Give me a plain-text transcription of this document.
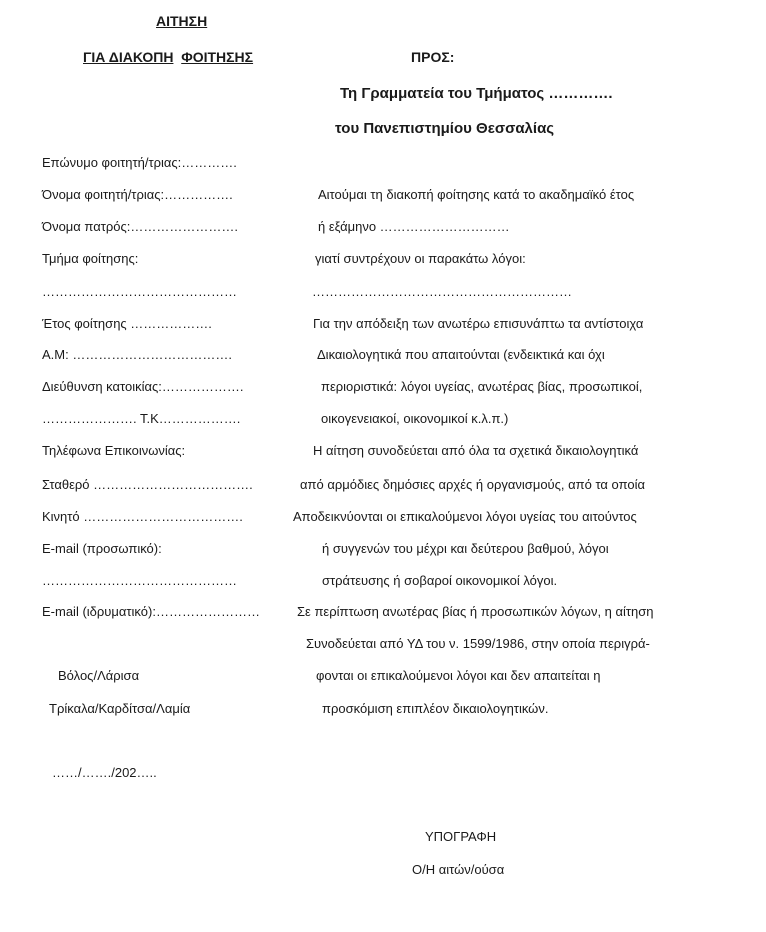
ΑΙΤΗΣΗ
ΓΙΑ ΔΙΑΚΟΠΗ ΦΟΙΤΗΣΗΣ	ΠΡΟΣ:
Τη Γραμματεία του Τμήματος ………….
του Πανεπιστημίου Θεσσαλίας
Επώνυμο φοιτητή/τριας:………….
Όνομα φοιτητή/τριας:…………….
Όνομα πατρός:…………………….
Τμήμα φοίτησης:
………………………………………
Έτος φοίτησης ……………….
Α.Μ: ……………………………….
Διεύθυνση κατοικίας:……………….
…………………. Τ.Κ……………….
Τηλέφωνα Επικοινωνίας:
Σταθερό ……………………………….
Κινητό ……………………………….
E-mail (προσωπικό):
………………………………………
E-mail (ιδρυματικό):……………………
Βόλος/Λάρισα
Τρίκαλα/Καρδίτσα/Λαμία
……/……./202…..
Αιτούμαι τη διακοπή φοίτησης κατά το ακαδημαϊκό έτος
ή εξάμηνο …………………………
γιατί συντρέχουν οι παρακάτω λόγοι:
……………………………………………………
Για την απόδειξη των ανωτέρω επισυνάπτω τα αντίστοιχα
Δικαιολογητικά που απαιτούνται (ενδεικτικά και όχι
περιοριστικά: λόγοι υγείας, ανωτέρας βίας, προσωπικοί,
οικογενειακοί, οικονομικοί κ.λ.π.)
Η αίτηση συνοδεύεται από όλα τα σχετικά δικαιολογητικά
από αρμόδιες δημόσιες αρχές ή οργανισμούς, από τα οποία
Αποδεικνύονται οι επικαλούμενοι λόγοι υγείας του αιτούντος
ή συγγενών του μέχρι και δεύτερου βαθμού, λόγοι
στράτευσης ή σοβαροί οικονομικοί λόγοι.
Σε περίπτωση ανωτέρας βίας ή προσωπικών λόγων, η αίτηση
Συνοδεύεται από ΥΔ του ν. 1599/1986, στην οποία περιγρά-
φονται οι επικαλούμενοι λόγοι και δεν απαιτείται η
προσκόμιση επιπλέον δικαιολογητικών.
ΥΠΟΓΡΑΦΗ
Ο/Η αιτών/ούσα
